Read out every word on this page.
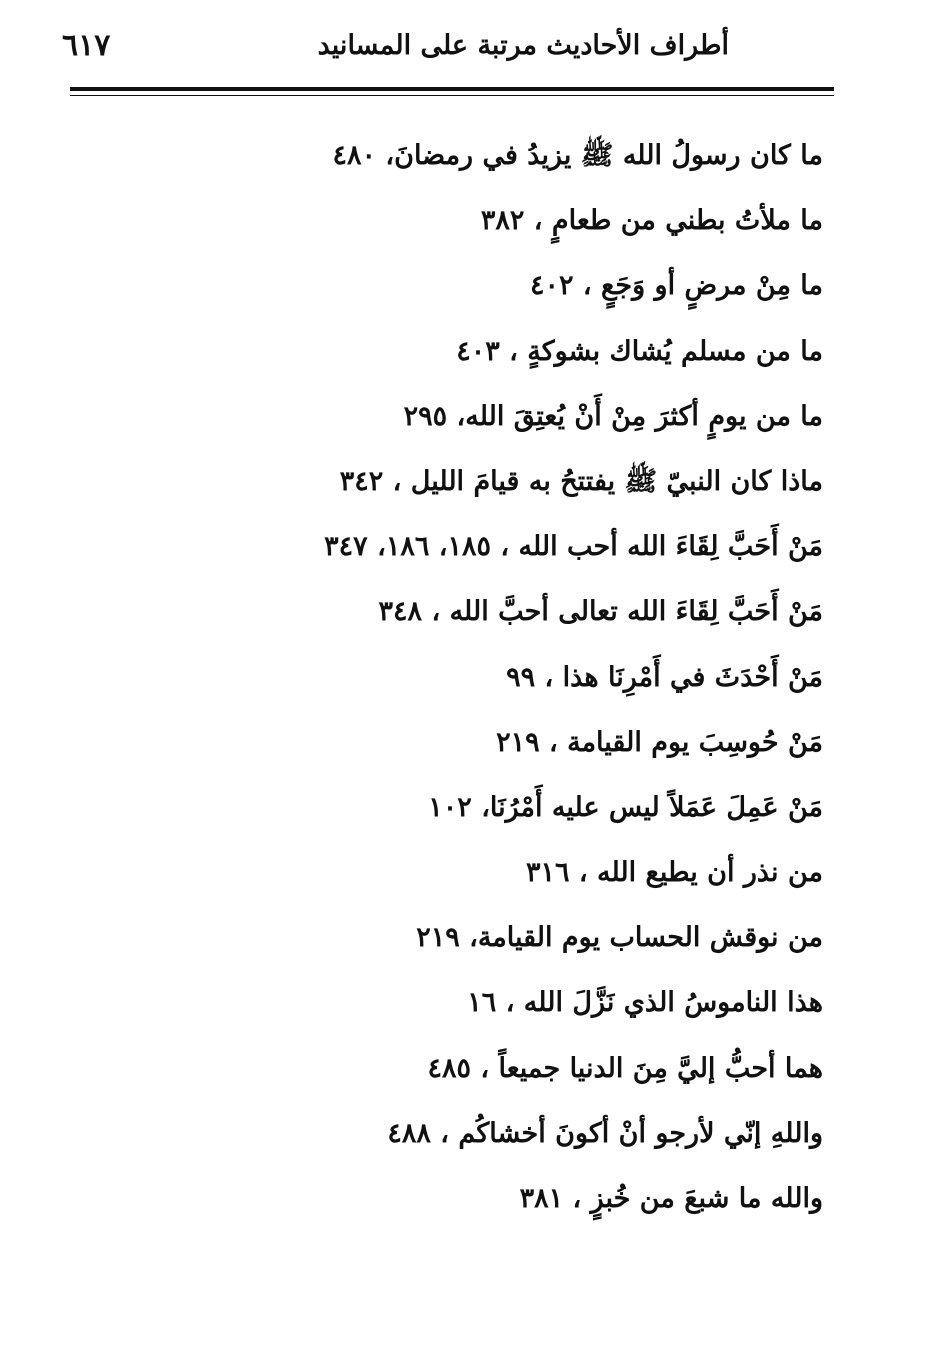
٦١٧	أطراف الأحاديث مرتبة على المسانيد
ما كان رسولُ الله ﷺ يزيدُ في رمضانَ، ٤٨٠
ما ملأتُ بطني من طعامٍ ، ٣٨٢
ما مِنْ مرضٍ أو وَجَعٍ ، ٤٠٢
ما من مسلم يُشاك بشوكةٍ ، ٤٠٣
ما من يومٍ أكثرَ مِنْ أَنْ يُعتِقَ الله، ٢٩٥
ماذا كان النبيّ ﷺ يفتتحُ به قيامَ الليل ، ٣٤٢
مَنْ أَحَبَّ لِقَاءَ الله أحب الله ، ١٨٥، ١٨٦، ٣٤٧
مَنْ أَحَبَّ لِقَاءَ الله تعالى أحبَّ الله ، ٣٤٨
مَنْ أَحْدَثَ في أَمْرِنَا هذا ، ٩٩
مَنْ حُوسِبَ يوم القيامة ، ٢١٩
مَنْ عَمِلَ عَمَلاً ليس عليه أَمْرُنَا، ١٠٢
من نذر أن يطيع الله ، ٣١٦
من نوقش الحساب يوم القيامة، ٢١٩
هذا الناموسُ الذي نَزَّلَ الله ، ١٦
هما أحبُّ إليَّ مِنَ الدنيا جميعاً ، ٤٨٥
واللهِ إنّي لأرجو أنْ أكونَ أخشاكُم ، ٤٨٨
والله ما شبعَ من خُبزٍ ، ٣٨١
